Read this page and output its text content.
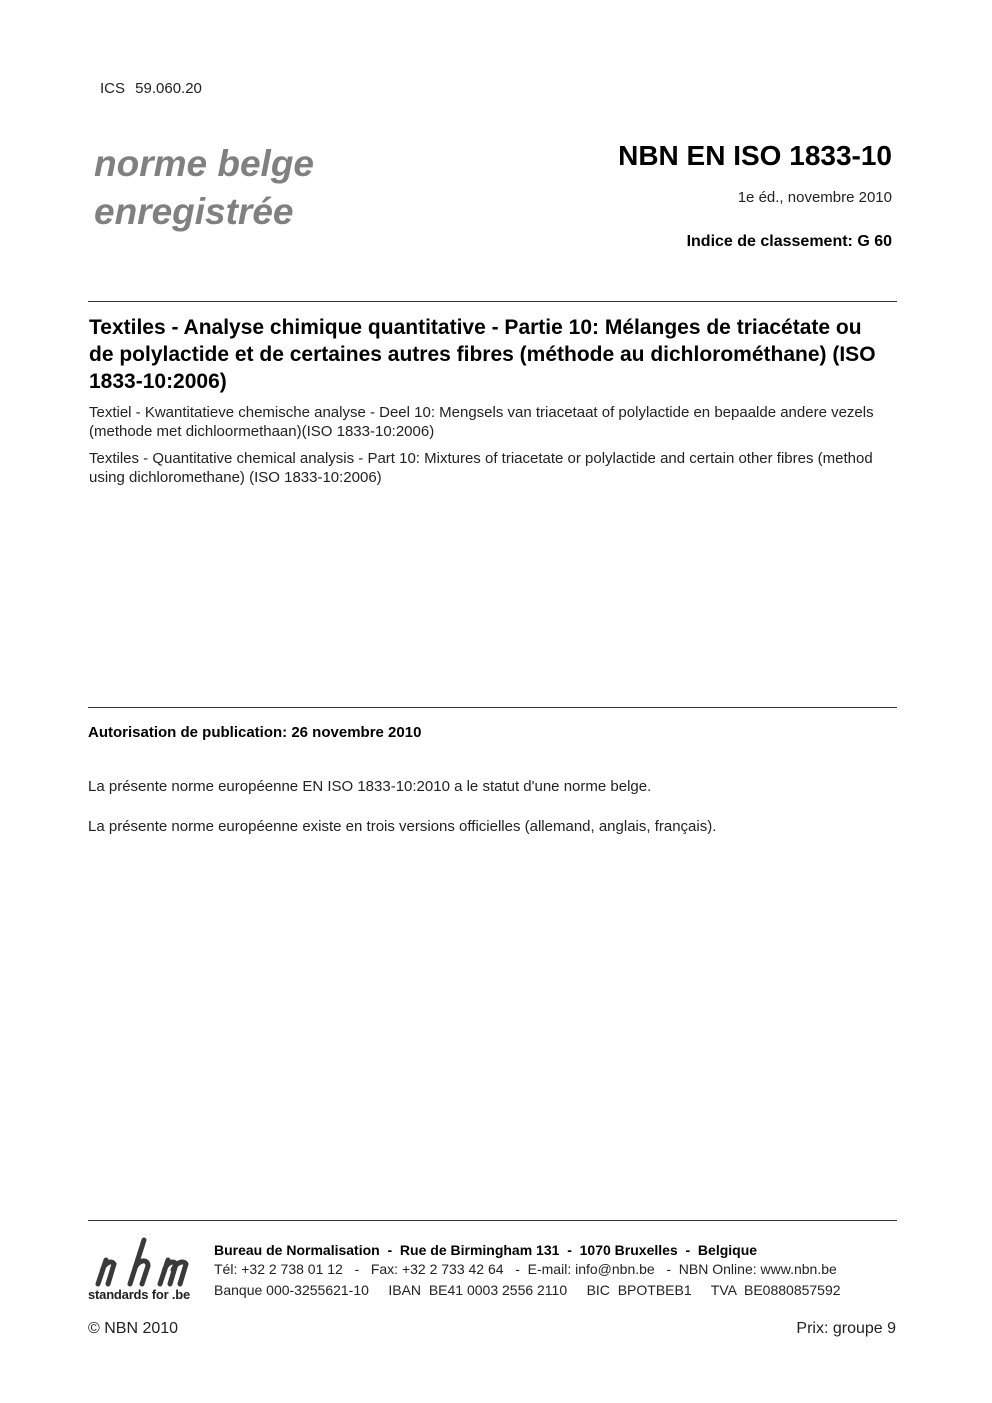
ICS 59.060.20
norme belge
enregistrée
NBN EN ISO 1833-10
1e éd., novembre 2010
Indice de classement: G 60
Textiles - Analyse chimique quantitative - Partie 10: Mélanges de triacétate ou de polylactide et de certaines autres fibres (méthode au dichlorométhane) (ISO 1833-10:2006)
Textiel - Kwantitatieve chemische analyse - Deel 10: Mengsels van triacetaat of polylactide en bepaalde andere vezels (methode met dichloormethaan)(ISO 1833-10:2006)
Textiles - Quantitative chemical analysis - Part 10: Mixtures of triacetate or polylactide and certain other fibres (method using dichloromethane) (ISO 1833-10:2006)
Autorisation de publication: 26 novembre 2010
La présente norme européenne EN ISO 1833-10:2010 a le statut d'une norme belge.
La présente norme européenne existe en trois versions officielles (allemand, anglais, français).
standards for .be
Bureau de Normalisation  -  Rue de Birmingham 131  -  1070 Bruxelles  -  Belgique
Tél: +32 2 738 01 12   -   Fax: +32 2 733 42 64   -  E-mail: info@nbn.be   -  NBN Online: www.nbn.be
Banque 000-3255621-10     IBAN  BE41 0003 2556 2110     BIC  BPOTBEB1     TVA  BE0880857592
© NBN 2010	Prix: groupe 9
